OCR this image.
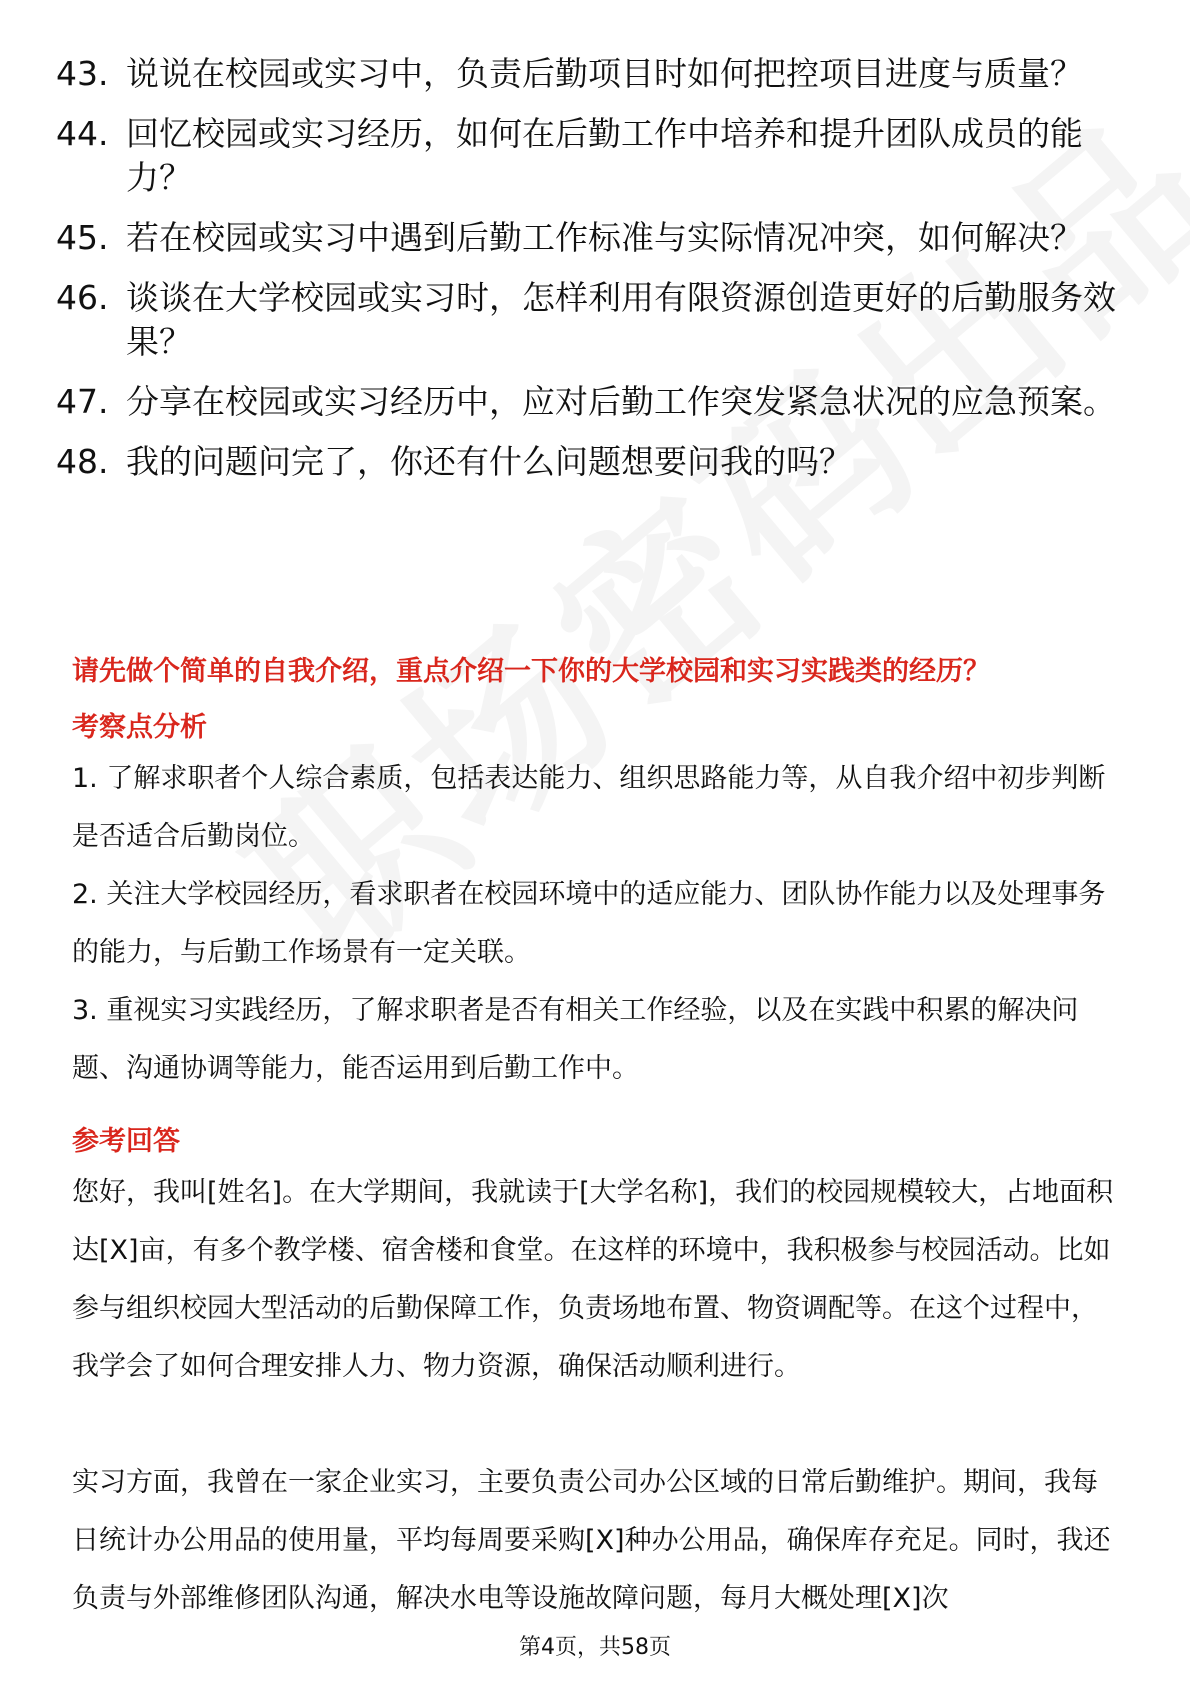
43. 说说在校园或实习中，负责后勤项目时如何把控项目进度与质量？
44. 回忆校园或实习经历，如何在后勤工作中培养和提升团队成员的能力？
45. 若在校园或实习中遇到后勤工作标准与实际情况冲突，如何解决？
46. 谈谈在大学校园或实习时，怎样利用有限资源创造更好的后勤服务效果？
47. 分享在校园或实习经历中，应对后勤工作突发紧急状况的应急预案。
48. 我的问题问完了，你还有什么问题想要问我的吗？
请先做个简单的自我介绍，重点介绍一下你的大学校园和实习实践类的经历？
考察点分析

1. 了解求职者个人综合素质，包括表达能力、组织思路能力等，从自我介绍中初步判断是否适合后勤岗位。

2. 关注大学校园经历，看求职者在校园环境中的适应能力、团队协作能力以及处理事务的能力，与后勤工作场景有一定关联。

3. 重视实习实践经历，了解求职者是否有相关工作经验，以及在实践中积累的解决问题、沟通协调等能力，能否运用到后勤工作中。

参考回答

您好，我叫[姓名]。在大学期间，我就读于[大学名称]，我们的校园规模较大，占地面积达[X]亩，有多个教学楼、宿舍楼和食堂。在这样的环境中，我积极参与校园活动。比如参与组织校园大型活动的后勤保障工作，负责场地布置、物资调配等。在这个过程中，我学会了如何合理安排人力、物力资源，确保活动顺利进行。

实习方面，我曾在一家企业实习，主要负责公司办公区域的日常后勤维护。期间，我每日统计办公用品的使用量，平均每周要采购[X]种办公用品，确保库存充足。同时，我还负责与外部维修团队沟通，解决水电等设施故障问题，每月大概处理[X]次

第4页，共58页
